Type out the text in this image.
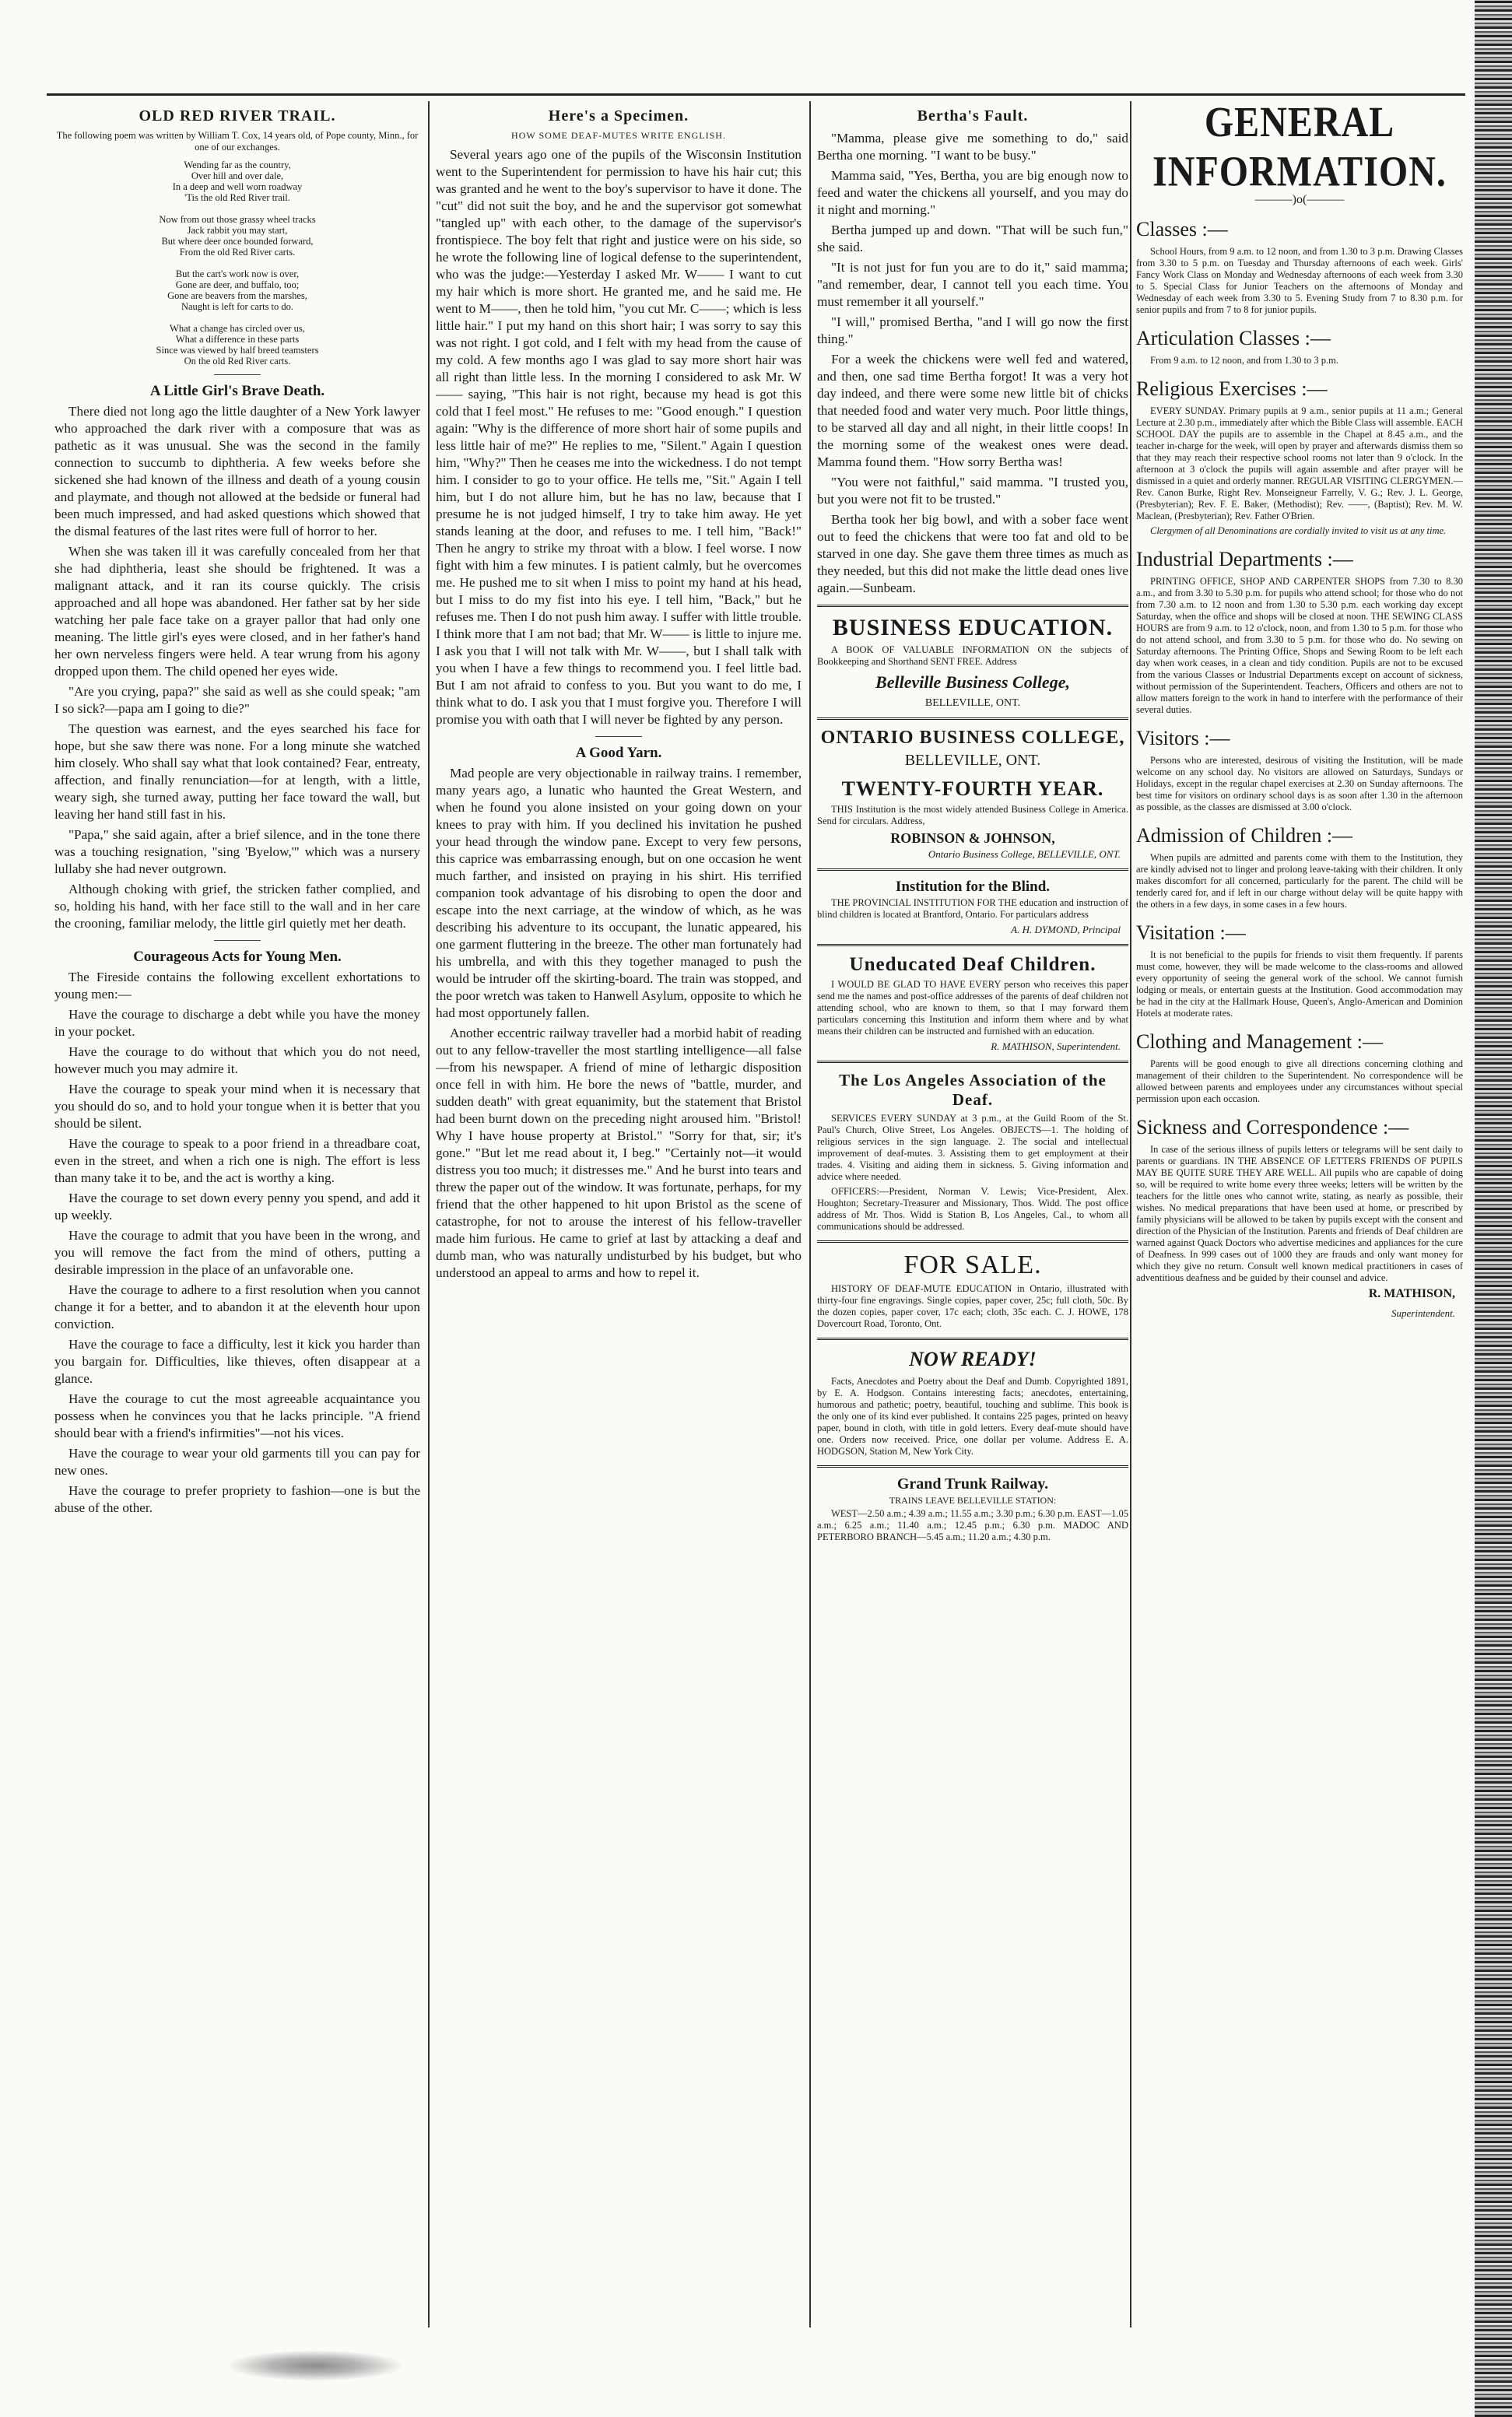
OLD RED RIVER TRAIL.

The following poem was written by William T. Cox, 14 years old, of Pope county, Minn., for one of our exchanges.

Wending far as the country,

Over hill and over dale,

In a deep and well worn roadway

'Tis the old Red River trail.

Now from out those grassy wheel tracks

Jack rabbit you may start,

But where deer once bounded forward,

From the old Red River carts.

But the cart's work now is over,

Gone are deer, and buffalo, too;

Gone are beavers from the marshes,

Naught is left for carts to do.

What a change has circled over us,

What a difference in these parts

Since was viewed by half breed teamsters

On the old Red River carts.

A Little Girl's Brave Death.

There died not long ago the little daughter of a New York lawyer who approached the dark river with a composure that was as pathetic as it was unusual. She was the second in the family connection to succumb to diphtheria. A few weeks before she sickened she had known of the illness and death of a young cousin and playmate, and though not allowed at the bedside or funeral had been much impressed, and had asked questions which showed that the dismal features of the last rites were full of horror to her.

When she was taken ill it was carefully concealed from her that she had diphtheria, least she should be frightened. It was a malignant attack, and it ran its course quickly. The crisis approached and all hope was abandoned. Her father sat by her side watching her pale face take on a grayer pallor that had only one meaning. The little girl's eyes were closed, and in her father's hand her own nerveless fingers were held. A tear wrung from his agony dropped upon them. The child opened her eyes wide.

"Are you crying, papa?" she said as well as she could speak; "am I so sick?—papa am I going to die?"

The question was earnest, and the eyes searched his face for hope, but she saw there was none. For a long minute she watched him closely. Who shall say what that look contained? Fear, entreaty, affection, and finally renunciation—for at length, with a little, weary sigh, she turned away, putting her face toward the wall, but leaving her hand still fast in his.

"Papa," she said again, after a brief silence, and in the tone there was a touching resignation, "sing 'Byelow,'" which was a nursery lullaby she had never outgrown.

Although choking with grief, the stricken father complied, and so, holding his hand, with her face still to the wall and in her care the crooning, familiar melody, the little girl quietly met her death.

Courageous Acts for Young Men.

The Fireside contains the following excellent exhortations to young men:—

Have the courage to discharge a debt while you have the money in your pocket.

Have the courage to do without that which you do not need, however much you may admire it.

Have the courage to speak your mind when it is necessary that you should do so, and to hold your tongue when it is better that you should be silent.

Have the courage to speak to a poor friend in a threadbare coat, even in the street, and when a rich one is nigh. The effort is less than many take it to be, and the act is worthy a king.

Have the courage to set down every penny you spend, and add it up weekly.

Have the courage to admit that you have been in the wrong, and you will remove the fact from the mind of others, putting a desirable impression in the place of an unfavorable one.

Have the courage to adhere to a first resolution when you cannot change it for a better, and to abandon it at the eleventh hour upon conviction.

Have the courage to face a difficulty, lest it kick you harder than you bargain for. Difficulties, like thieves, often disappear at a glance.

Have the courage to cut the most agreeable acquaintance you possess when he convinces you that he lacks principle. "A friend should bear with a friend's infirmities"—not his vices.

Have the courage to wear your old garments till you can pay for new ones.

Have the courage to prefer propriety to fashion—one is but the abuse of the other.

Here's a Specimen.
HOW SOME DEAF-MUTES WRITE ENGLISH.

Several years ago one of the pupils of the Wisconsin Institution went to the Superintendent for permission to have his hair cut; this was granted and he went to the boy's supervisor to have it done. The "cut" did not suit the boy, and he and the supervisor got somewhat "tangled up" with each other, to the damage of the supervisor's frontispiece. The boy felt that right and justice were on his side, so he wrote the following line of logical defense to the superintendent, who was the judge:—Yesterday I asked Mr. W—— I want to cut my hair which is more short. He granted me, and he said me. He went to M——, then he told him, "you cut Mr. C——; which is less little hair." I put my hand on this short hair; I was sorry to say this was not right. I got cold, and I felt with my head from the cause of my cold. A few months ago I was glad to say more short hair was all right than little less. In the morning I considered to ask Mr. W—— saying, "This hair is not right, because my head is got this cold that I feel most." He refuses to me: "Good enough." I question again: "Why is the difference of more short hair of some pupils and less little hair of me?" He replies to me, "Silent." Again I question him, "Why?" Then he ceases me into the wickedness. I do not tempt him. I consider to go to your office. He tells me, "Sit." Again I tell him, but I do not allure him, but he has no law, because that I presume he is not judged himself, I try to take him away. He yet stands leaning at the door, and refuses to me. I tell him, "Back!" Then he angry to strike my throat with a blow. I feel worse. I now fight with him a few minutes. I is patient calmly, but he overcomes me. He pushed me to sit when I miss to point my hand at his head, but I miss to do my fist into his eye. I tell him, "Back," but he refuses me. Then I do not push him away. I suffer with little trouble. I think more that I am not bad; that Mr. W—— is little to injure me. I ask you that I will not talk with Mr. W——, but I shall talk with you when I have a few things to recommend you. I feel little bad. But I am not afraid to confess to you. But you want to do me, I think what to do. I ask you that I must forgive you. Therefore I will promise you with oath that I will never be fighted by any person.

A Good Yarn.

Mad people are very objectionable in railway trains. I remember, many years ago, a lunatic who haunted the Great Western, and when he found you alone insisted on your going down on your knees to pray with him. If you declined his invitation he pushed your head through the window pane. Except to very few persons, this caprice was embarrassing enough, but on one occasion he went much farther, and insisted on praying in his shirt. His terrified companion took advantage of his disrobing to open the door and escape into the next carriage, at the window of which, as he was describing his adventure to its occupant, the lunatic appeared, his one garment fluttering in the breeze. The other man fortunately had his umbrella, and with this they together managed to push the would be intruder off the skirting-board. The train was stopped, and the poor wretch was taken to Hanwell Asylum, opposite to which he had most opportunely fallen.

Another eccentric railway traveller had a morbid habit of reading out to any fellow-traveller the most startling intelligence—all false—from his newspaper. A friend of mine of lethargic disposition once fell in with him. He bore the news of "battle, murder, and sudden death" with great equanimity, but the statement that Bristol had been burnt down on the preceding night aroused him. "Bristol! Why I have house property at Bristol." "Sorry for that, sir; it's gone." "But let me read about it, I beg." "Certainly not—it would distress you too much; it distresses me." And he burst into tears and threw the paper out of the window. It was fortunate, perhaps, for my friend that the other happened to hit upon Bristol as the scene of catastrophe, for not to arouse the interest of his fellow-traveller made him furious. He came to grief at last by attacking a deaf and dumb man, who was naturally undisturbed by his budget, but who understood an appeal to arms and how to repel it.

Bertha's Fault.

"Mamma, please give me something to do," said Bertha one morning. "I want to be busy."

Mamma said, "Yes, Bertha, you are big enough now to feed and water the chickens all yourself, and you may do it night and morning."

Bertha jumped up and down. "That will be such fun," she said.

"It is not just for fun you are to do it," said mamma; "and remember, dear, I cannot tell you each time. You must remember it all yourself."

"I will," promised Bertha, "and I will go now the first thing."

For a week the chickens were well fed and watered, and then, one sad time Bertha forgot! It was a very hot day indeed, and there were some new little bit of chicks that needed food and water very much. Poor little things, to be starved all day and all night, in their little coops! In the morning some of the weakest ones were dead. Mamma found them. "How sorry Bertha was!

"You were not faithful," said mamma. "I trusted you, but you were not fit to be trusted."

Bertha took her big bowl, and with a sober face went out to feed the chickens that were too fat and old to be starved in one day. She gave them three times as much as they needed, but this did not make the little dead ones live again.—Sunbeam.

BUSINESS EDUCATION.

A BOOK OF VALUABLE INFORMATION ON the subjects of Bookkeeping and Shorthand SENT FREE. Address

Belleville Business College,
BELLEVILLE, ONT.
ONTARIO BUSINESS COLLEGE,
BELLEVILLE, ONT.
TWENTY-FOURTH YEAR.

THIS Institution is the most widely attended Business College in America. Send for circulars. Address,

ROBINSON & JOHNSON,
Ontario Business College, BELLEVILLE, ONT.
Institution for the Blind.

THE PROVINCIAL INSTITUTION FOR THE education and instruction of blind children is located at Brantford, Ontario. For particulars address

A. H. DYMOND, Principal
Uneducated Deaf Children.

I WOULD BE GLAD TO HAVE EVERY person who receives this paper send me the names and post-office addresses of the parents of deaf children not attending school, who are known to them, so that I may forward them particulars concerning this Institution and inform them where and by what means their children can be instructed and furnished with an education.

R. MATHISON, Superintendent.
The Los Angeles Association of the Deaf.

SERVICES EVERY SUNDAY at 3 p.m., at the Guild Room of the St. Paul's Church, Olive Street, Los Angeles. OBJECTS—1. The holding of religious services in the sign language. 2. The social and intellectual improvement of deaf-mutes. 3. Assisting them to get employment at their trades. 4. Visiting and aiding them in sickness. 5. Giving information and advice where needed.

OFFICERS:—President, Norman V. Lewis; Vice-President, Alex. Houghton; Secretary-Treasurer and Missionary, Thos. Widd. The post office address of Mr. Thos. Widd is Station B, Los Angeles, Cal., to whom all communications should be addressed.

FOR SALE.

HISTORY OF DEAF-MUTE EDUCATION in Ontario, illustrated with thirty-four fine engravings. Single copies, paper cover, 25c; full cloth, 50c. By the dozen copies, paper cover, 17c each; cloth, 35c each. C. J. HOWE, 178 Dovercourt Road, Toronto, Ont.

NOW READY!

Facts, Anecdotes and Poetry about the Deaf and Dumb. Copyrighted 1891, by E. A. Hodgson. Contains interesting facts; anecdotes, entertaining, humorous and pathetic; poetry, beautiful, touching and sublime. This book is the only one of its kind ever published. It contains 225 pages, printed on heavy paper, bound in cloth, with title in gold letters. Every deaf-mute should have one. Orders now received. Price, one dollar per volume. Address E. A. HODGSON, Station M, New York City.

Grand Trunk Railway.
TRAINS LEAVE BELLEVILLE STATION:

WEST—2.50 a.m.; 4.39 a.m.; 11.55 a.m.; 3.30 p.m.; 6.30 p.m. EAST—1.05 a.m.; 6.25 a.m.; 11.40 a.m.; 12.45 p.m.; 6.30 p.m. MADOC AND PETERBORO BRANCH—5.45 a.m.; 11.20 a.m.; 4.30 p.m.

GENERAL INFORMATION.
———)o(———
Classes :—

School Hours, from 9 a.m. to 12 noon, and from 1.30 to 3 p.m. Drawing Classes from 3.30 to 5 p.m. on Tuesday and Thursday afternoons of each week. Girls' Fancy Work Class on Monday and Wednesday afternoons of each week from 3.30 to 5. Special Class for Junior Teachers on the afternoons of Monday and Wednesday of each week from 3.30 to 5. Evening Study from 7 to 8.30 p.m. for senior pupils and from 7 to 8 for junior pupils.

Articulation Classes :—

From 9 a.m. to 12 noon, and from 1.30 to 3 p.m.

Religious Exercises :—

EVERY SUNDAY. Primary pupils at 9 a.m., senior pupils at 11 a.m.; General Lecture at 2.30 p.m., immediately after which the Bible Class will assemble. EACH SCHOOL DAY the pupils are to assemble in the Chapel at 8.45 a.m., and the teacher in-charge for the week, will open by prayer and afterwards dismiss them so that they may reach their respective school rooms not later than 9 o'clock. In the afternoon at 3 o'clock the pupils will again assemble and after prayer will be dismissed in a quiet and orderly manner. REGULAR VISITING CLERGYMEN.—Rev. Canon Burke, Right Rev. Monseigneur Farrelly, V. G.; Rev. J. L. George, (Presbyterian); Rev. F. E. Baker, (Methodist); Rev. ——, (Baptist); Rev. M. W. Maclean, (Presbyterian); Rev. Father O'Brien.

Clergymen of all Denominations are cordially invited to visit us at any time.

Industrial Departments :—

PRINTING OFFICE, SHOP AND CARPENTER SHOPS from 7.30 to 8.30 a.m., and from 3.30 to 5.30 p.m. for pupils who attend school; for those who do not from 7.30 a.m. to 12 noon and from 1.30 to 5.30 p.m. each working day except Saturday, when the office and shops will be closed at noon. THE SEWING CLASS HOURS are from 9 a.m. to 12 o'clock, noon, and from 1.30 to 5 p.m. for those who do not attend school, and from 3.30 to 5 p.m. for those who do. No sewing on Saturday afternoons. The Printing Office, Shops and Sewing Room to be left each day when work ceases, in a clean and tidy condition. Pupils are not to be excused from the various Classes or Industrial Departments except on account of sickness, without permission of the Superintendent. Teachers, Officers and others are not to allow matters foreign to the work in hand to interfere with the performance of their several duties.

Visitors :—

Persons who are interested, desirous of visiting the Institution, will be made welcome on any school day. No visitors are allowed on Saturdays, Sundays or Holidays, except in the regular chapel exercises at 2.30 on Sunday afternoons. The best time for visitors on ordinary school days is as soon after 1.30 in the afternoon as possible, as the classes are dismissed at 3.00 o'clock.

Admission of Children :—

When pupils are admitted and parents come with them to the Institution, they are kindly advised not to linger and prolong leave-taking with their children. It only makes discomfort for all concerned, particularly for the parent. The child will be tenderly cared for, and if left in our charge without delay will be quite happy with the others in a few days, in some cases in a few hours.

Visitation :—

It is not beneficial to the pupils for friends to visit them frequently. If parents must come, however, they will be made welcome to the class-rooms and allowed every opportunity of seeing the general work of the school. We cannot furnish lodging or meals, or entertain guests at the Institution. Good accommodation may be had in the city at the Hallmark House, Queen's, Anglo-American and Dominion Hotels at moderate rates.

Clothing and Management :—

Parents will be good enough to give all directions concerning clothing and management of their children to the Superintendent. No correspondence will be allowed between parents and employees under any circumstances without special permission upon each occasion.

Sickness and Correspondence :—

In case of the serious illness of pupils letters or telegrams will be sent daily to parents or guardians. IN THE ABSENCE OF LETTERS FRIENDS OF PUPILS MAY BE QUITE SURE THEY ARE WELL. All pupils who are capable of doing so, will be required to write home every three weeks; letters will be written by the teachers for the little ones who cannot write, stating, as nearly as possible, their wishes. No medical preparations that have been used at home, or prescribed by family physicians will be allowed to be taken by pupils except with the consent and direction of the Physician of the Institution. Parents and friends of Deaf children are warned against Quack Doctors who advertise medicines and appliances for the cure of Deafness. In 999 cases out of 1000 they are frauds and only want money for which they give no return. Consult well known medical practitioners in cases of adventitious deafness and be guided by their counsel and advice.

R. MATHISON,
Superintendent.
